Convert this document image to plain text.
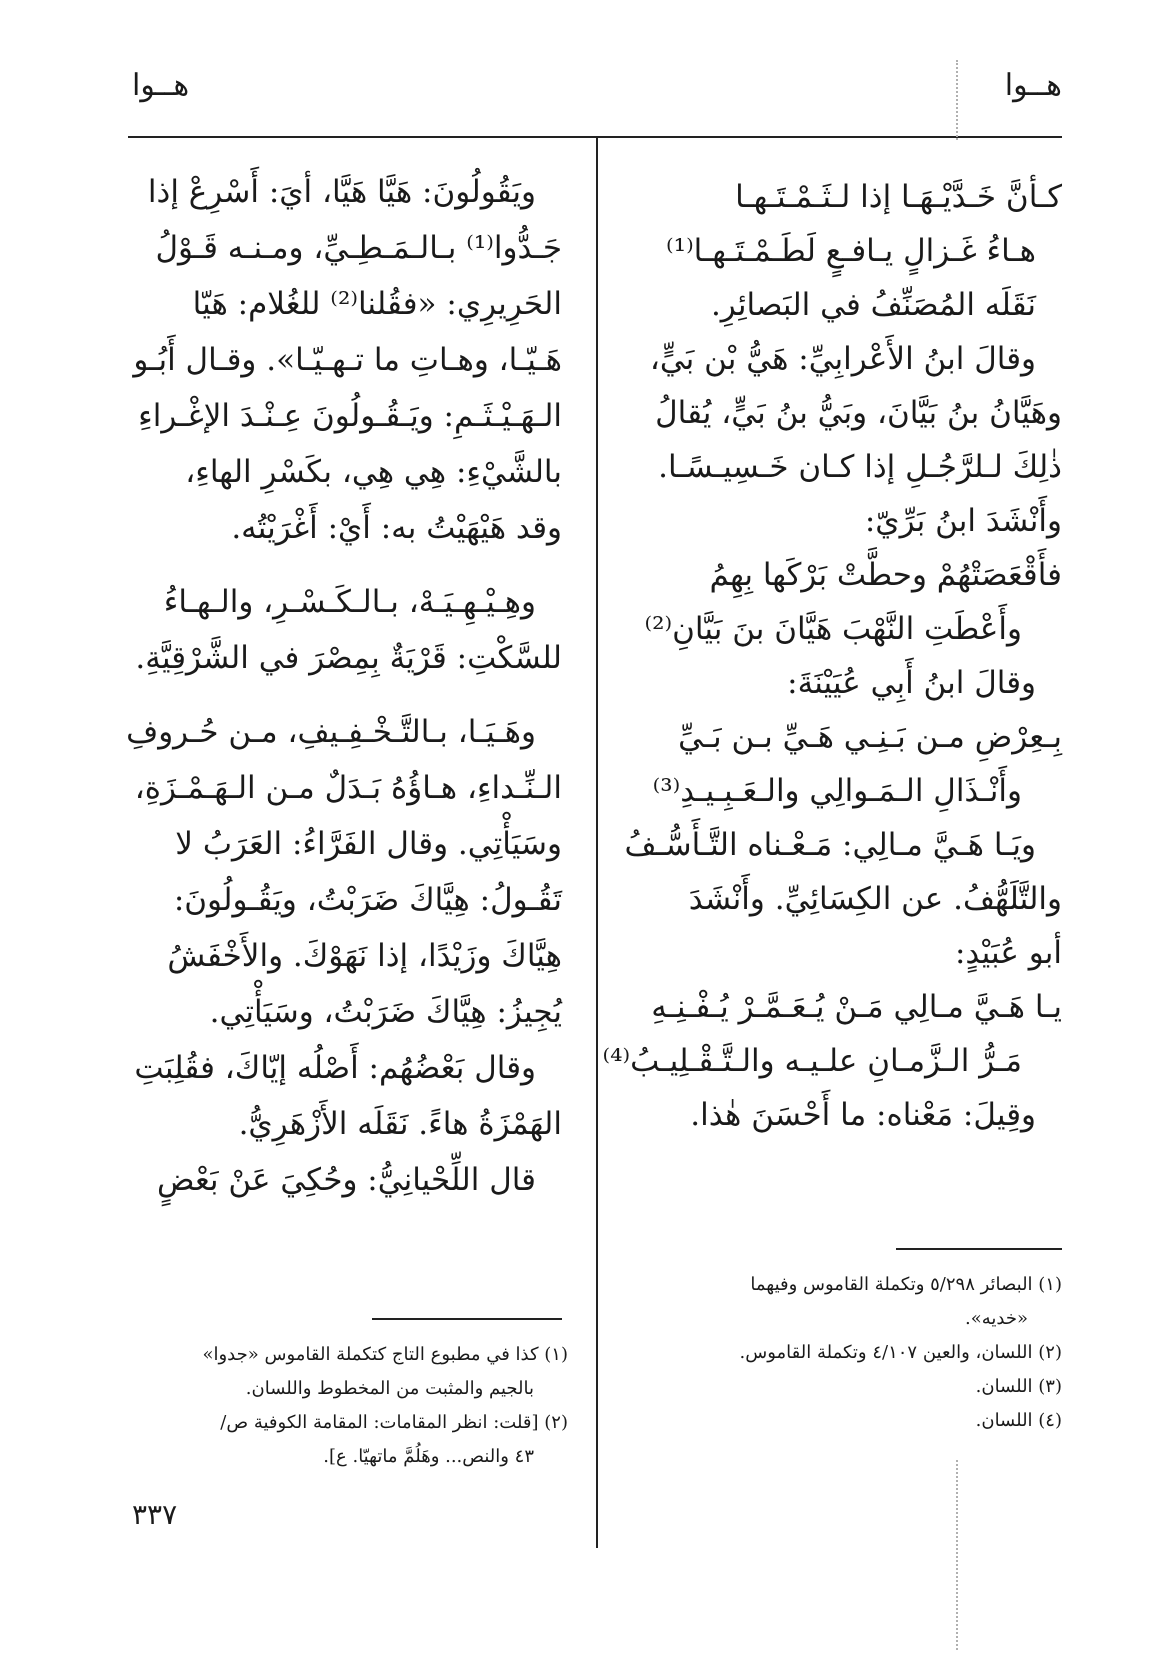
هــوا
هــوا
كـأنَّ خَـدَّيْـهَـا إذا لـثَـمْـتَـهـا
هـاءُ غَـزالٍ يـافـعٍ لَطَـمْـتَـهـا⁽¹⁾
نَقَلَه المُصَنِّفُ في البَصائِرِ.
وقالَ ابنُ الأَعْرابِيِّ: هَيُّ بْن بَيٍّ،
وهَيَّانُ بنُ بَيَّانَ، وبَيُّ بنُ بَيٍّ، يُقالُ
ذٰلِكَ لـلرَّجُـلِ إذا كـان خَـسِيـسًـا.
وأَنْشَدَ ابنُ بَرِّيّ:
فأَقْعَصَتْهُمْ وحطَّتْ بَرْكَها بِهِمُ
وأَعْطَتِ النَّهْبَ هَيَّانَ بنَ بَيَّانِ⁽²⁾
وقالَ ابنُ أَبِي عُيَيْنَةَ:
بِـعِرْضِ مـن بَـنِـي هَـيِّ بـن بَـيِّ
وأَنْـذَالِ الـمَـوالِي والـعَـبِـيـدِ⁽³⁾
ويَـا هَـيَّ مـالِي: مَـعْـناه التَّـأَسُّـفُ
والتَّلَهُّفُ. عن الكِسَائِيِّ. وأَنْشَدَ
أبو عُبَيْدٍ:
يـا هَـيَّ مـالِي مَـنْ يُـعَـمَّـرْ يُـفْـنِـهِ
مَـرُّ الـزَّمـانِ علـيـه والـتَّـقْـلِيـبُ⁽⁴⁾
وقِيلَ: مَعْناه: ما أَحْسَنَ هٰذا.
ويَقُولُونَ: هَيَّا هَيَّا، أيَ: أَسْرِعْ إذا
جَـدُّوا⁽¹⁾ بـالـمَـطِـيِّ، ومـنـه قَـوْلُ
الحَرِيرِي: «فقُلنا⁽²⁾ للغُلام: هَيّا
هَـيّـا، وهـاتِ ما تـهـيّـا». وقـال أَبُـو
الـهَـيْـثَـمِ: ويَـقُـولُونَ عِـنْـدَ الإغْـراءِ
بالشَّيْءِ: هِي هِي، بكَسْرِ الهاءِ،
وقد هَيْهَيْتُ به: أَيْ: أَغْرَيْتُه.
وهِـيْـهِـيَـهْ، بـالـكَـسْـرِ، والـهـاءُ
للسَّكْتِ: قَرْيَةٌ بِمِصْرَ في الشَّرْقِيَّةِ.
وهَـيَـا، بـالتَّـخْـفِـيفِ، مـن حُـروفِ
الـنِّـداءِ، هـاؤُهُ بَـدَلٌ مـن الـهَـمْـزَةِ،
وسَيَأْتِي. وقال الفَرَّاءُ: العَرَبُ لا
تَقُـولُ: هِيَّاكَ ضَرَبْتُ، ويَقُـولُونَ:
هِيَّاكَ وزَيْدًا، إذا نَهَوْكَ. والأَخْفَشُ
يُجِيزُ: هِيَّاكَ ضَرَبْتُ، وسَيَأْتِي.
وقال بَعْضُهُم: أَصْلُه إيّاكَ، فقُلِبَتِ
الهَمْزَةُ هاءً. نَقَلَه الأَزْهَرِيُّ.
قال اللِّحْيانِيُّ: وحُكِيَ عَنْ بَعْضٍ
(١) البصائر ٥/٢٩٨ وتكملة القاموس وفيهما
«خديه».
(٢) اللسان، والعين ٤/١٠٧ وتكملة القاموس.
(٣) اللسان.
(٤) اللسان.
(١) كذا في مطبوع التاج كتكملة القاموس «جدوا»
بالجيم والمثبت من المخطوط واللسان.
(٢) [قلت: انظر المقامات: المقامة الكوفية ص/
٤٣ والنص... وهَلُمَّ ماتهيّا. ع].
٣٣٧
